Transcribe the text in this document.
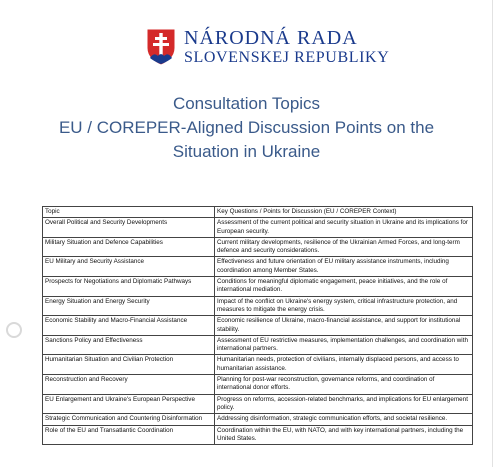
NÁRODNÁ RADA
SLOVENSKEJ REPUBLIKY
Consultation Topics
EU / COREPER-Aligned Discussion Points on the
Situation in Ukraine
Topic	Key Questions / Points for Discussion (EU / COREPER Context)
Overall Political and Security Developments	Assessment of the current political and security situation in Ukraine and its implications for European security.
Military Situation and Defence Capabilities	Current military developments, resilience of the Ukrainian Armed Forces, and long-term defence and security considerations.
EU Military and Security Assistance	Effectiveness and future orientation of EU military assistance instruments, including coordination among Member States.
Prospects for Negotiations and Diplomatic Pathways	Conditions for meaningful diplomatic engagement, peace initiatives, and the role of international mediation.
Energy Situation and Energy Security	Impact of the conflict on Ukraine's energy system, critical infrastructure protection, and measures to mitigate the energy crisis.
Economic Stability and Macro-Financial Assistance	Economic resilience of Ukraine, macro-financial assistance, and support for institutional stability.
Sanctions Policy and Effectiveness	Assessment of EU restrictive measures, implementation challenges, and coordination with international partners.
Humanitarian Situation and Civilian Protection	Humanitarian needs, protection of civilians, internally displaced persons, and access to humanitarian assistance.
Reconstruction and Recovery	Planning for post-war reconstruction, governance reforms, and coordination of international donor efforts.
EU Enlargement and Ukraine's European Perspective	Progress on reforms, accession-related benchmarks, and implications for EU enlargement policy.
Strategic Communication and Countering Disinformation	Addressing disinformation, strategic communication efforts, and societal resilience.
Role of the EU and Transatlantic Coordination	Coordination within the EU, with NATO, and with key international partners, including the United States.
